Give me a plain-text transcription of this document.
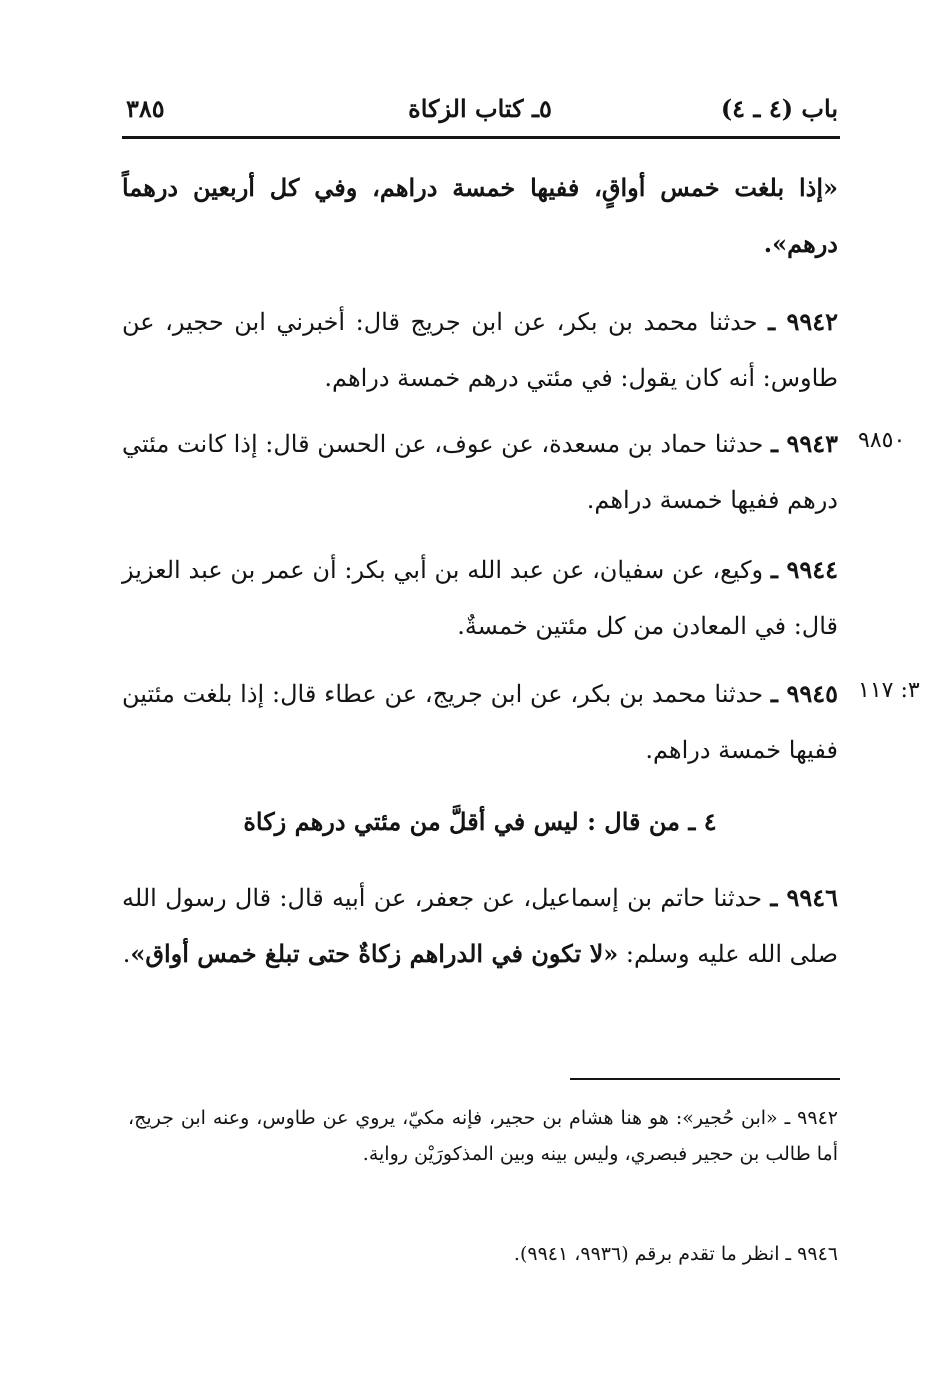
باب (٤ ـ ٤)
٥ـ كتاب الزكاة
٣٨٥
«إذا بلغت خمس أواقٍ، ففيها خمسة دراهم، وفي كل أربعين درهماً درهم».
٩٩٤٢ ـ حدثنا محمد بن بكر، عن ابن جريج قال: أخبرني ابن حجير، عن طاوس: أنه كان يقول: في مئتي درهم خمسة دراهم.
٩٨٥٠
٩٩٤٣ ـ حدثنا حماد بن مسعدة، عن عوف، عن الحسن قال: إذا كانت مئتي درهم ففيها خمسة دراهم.
٩٩٤٤ ـ وكيع، عن سفيان، عن عبد الله بن أبي بكر: أن عمر بن عبد العزيز قال: في المعادن من كل مئتين خمسةٌ.
٣: ١١٧
٩٩٤٥ ـ حدثنا محمد بن بكر، عن ابن جريج، عن عطاء قال: إذا بلغت مئتين ففيها خمسة دراهم.
٤ ـ من قال : ليس في أقلَّ من مئتي درهم زكاة
٩٩٤٦ ـ حدثنا حاتم بن إسماعيل، عن جعفر، عن أبيه قال: قال رسول الله صلى الله عليه وسلم: «لا تكون في الدراهم زكاةٌ حتى تبلغ خمس أواق».
٩٩٤٢ ـ «ابن حُجير»: هو هنا هشام بن حجير، فإنه مكيّ، يروي عن طاوس، وعنه ابن جريج، أما طالب بن حجير فبصري، وليس بينه وبين المذكورَيْن رواية.
٩٩٤٦ ـ انظر ما تقدم برقم (٩٩٣٦، ٩٩٤١).
